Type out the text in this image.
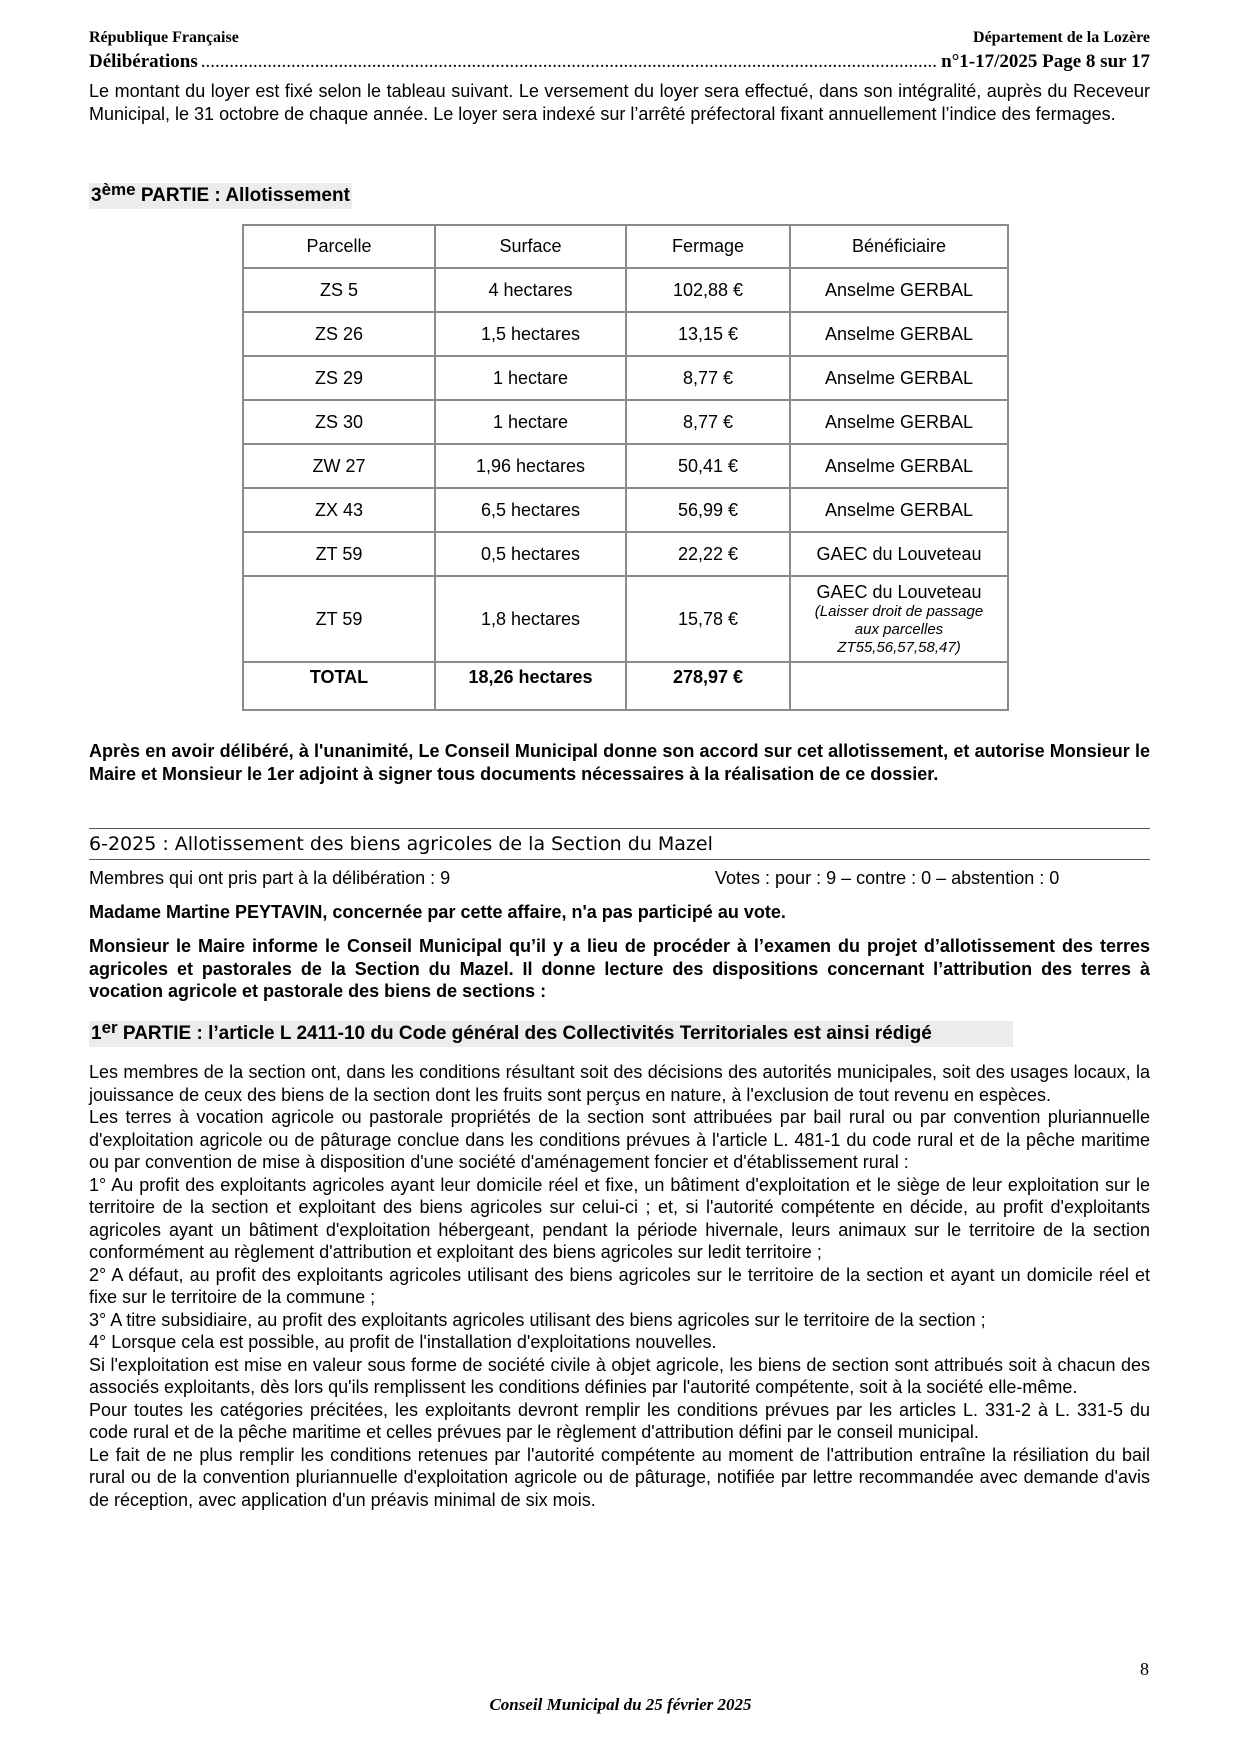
République Française	Département de la Lozère
Délibérations .....	n°1-17/2025 Page 8 sur 17
Le montant du loyer est fixé selon le tableau suivant. Le versement du loyer sera effectué, dans son intégralité, auprès du Receveur Municipal, le 31 octobre de chaque année. Le loyer sera indexé sur l’arrêté préfectoral fixant annuellement l’indice des fermages.
3ème PARTIE : Allotissement
Parcelle	Surface	Fermage	Bénéficiaire
ZS 5	4 hectares	102,88 €	Anselme GERBAL
ZS 26	1,5 hectares	13,15 €	Anselme GERBAL
ZS 29	1 hectare	8,77 €	Anselme GERBAL
ZS 30	1 hectare	8,77 €	Anselme GERBAL
ZW 27	1,96 hectares	50,41 €	Anselme GERBAL
ZX 43	6,5 hectares	56,99 €	Anselme GERBAL
ZT 59	0,5 hectares	22,22 €	GAEC du Louveteau
ZT 59	1,8 hectares	15,78 €	GAEC du Louveteau
(Laisser droit de passage
aux parcelles
ZT55,56,57,58,47)

TOTAL	18,26 hectares	278,97 €	
Après en avoir délibéré, à l'unanimité, Le Conseil Municipal donne son accord sur cet allotissement, et autorise Monsieur le Maire et Monsieur le 1er adjoint à signer tous documents nécessaires à la réalisation de ce dossier.
6-2025 : Allotissement des biens agricoles de la Section du Mazel
Membres qui ont pris part à la délibération : 9	Votes : pour : 9 – contre : 0 – abstention : 0
Madame Martine PEYTAVIN, concernée par cette affaire, n'a pas participé au vote.
Monsieur le Maire informe le Conseil Municipal qu’il y a lieu de procéder à l’examen du projet d’allotissement des terres agricoles et pastorales de la Section du Mazel. Il donne lecture des dispositions concernant l’attribution des terres à vocation agricole et pastorale des biens de sections :
1er PARTIE : l’article L 2411-10 du Code général des Collectivités Territoriales est ainsi rédigé
Les membres de la section ont, dans les conditions résultant soit des décisions des autorités municipales, soit des usages locaux, la jouissance de ceux des biens de la section dont les fruits sont perçus en nature, à l'exclusion de tout revenu en espèces.
Les terres à vocation agricole ou pastorale propriétés de la section sont attribuées par bail rural ou par convention pluriannuelle d'exploitation agricole ou de pâturage conclue dans les conditions prévues à l'article L. 481-1 du code rural et de la pêche maritime ou par convention de mise à disposition d'une société d'aménagement foncier et d'établissement rural :
1° Au profit des exploitants agricoles ayant leur domicile réel et fixe, un bâtiment d'exploitation et le siège de leur exploitation sur le territoire de la section et exploitant des biens agricoles sur celui-ci ; et, si l'autorité compétente en décide, au profit d'exploitants agricoles ayant un bâtiment d'exploitation hébergeant, pendant la période hivernale, leurs animaux sur le territoire de la section conformément au règlement d'attribution et exploitant des biens agricoles sur ledit territoire ;
2° A défaut, au profit des exploitants agricoles utilisant des biens agricoles sur le territoire de la section et ayant un domicile réel et fixe sur le territoire de la commune ;
3° A titre subsidiaire, au profit des exploitants agricoles utilisant des biens agricoles sur le territoire de la section ;
4° Lorsque cela est possible, au profit de l'installation d'exploitations nouvelles.
Si l'exploitation est mise en valeur sous forme de société civile à objet agricole, les biens de section sont attribués soit à chacun des associés exploitants, dès lors qu'ils remplissent les conditions définies par l'autorité compétente, soit à la société elle-même.
Pour toutes les catégories précitées, les exploitants devront remplir les conditions prévues par les articles L. 331-2 à L. 331-5 du code rural et de la pêche maritime et celles prévues par le règlement d'attribution défini par le conseil municipal.
Le fait de ne plus remplir les conditions retenues par l'autorité compétente au moment de l'attribution entraîne la résiliation du bail rural ou de la convention pluriannuelle d'exploitation agricole ou de pâturage, notifiée par lettre recommandée avec demande d'avis de réception, avec application d'un préavis minimal de six mois.
8
Conseil Municipal du 25 février 2025
